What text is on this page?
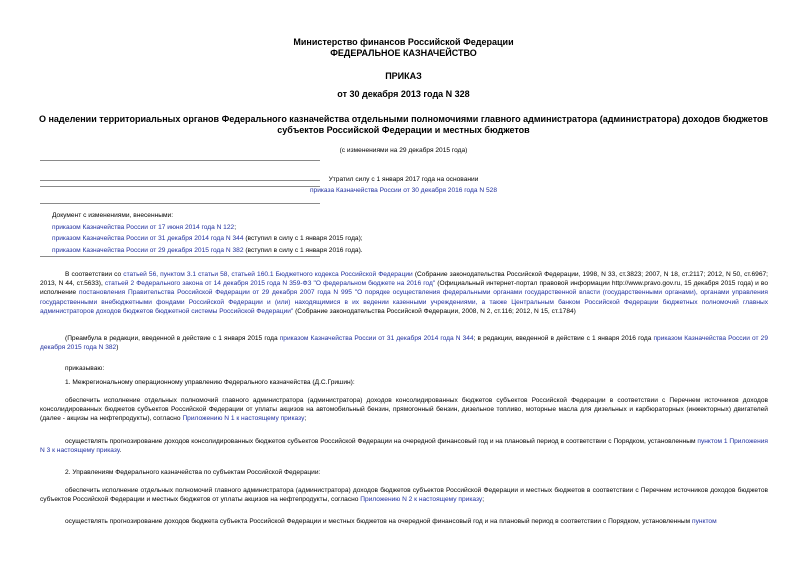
Министерство финансов Российской Федерации
ФЕДЕРАЛЬНОЕ КАЗНАЧЕЙСТВО
ПРИКАЗ
от 30 декабря 2013 года N 328
О наделении территориальных органов Федерального казначейства отдельными полномочиями главного администратора (администратора) доходов бюджетов
субъектов Российской Федерации и местных бюджетов
(с изменениями на 29 декабря 2015 года)
Утратил силу с 1 января 2017 года на основании
приказа Казначейства России от 30 декабря 2016 года N 528
Документ с изменениями, внесенными:
приказом Казначейства России от 17 июня 2014 года N 122;
приказом Казначейства России от 31 декабря 2014 года N 344 (вступил в силу с 1 января 2015 года);
приказом Казначейства России от 29 декабря 2015 года N 382 (вступил в силу с 1 января 2016 года).
В соответствии со статьей 56, пунктом 3.1 статьи 58, статьей 160.1 Бюджетного кодекса Российской Федерации (Собрание законодательства Российской Федерации, 1998, N 33, ст.3823; 2007, N 18, ст.2117; 2012, N 50, ст.6967; 2013, N 44, ст.5633), статьей 2 Федерального закона от 14 декабря 2015 года N 359-ФЗ "О федеральном бюджете на 2016 год" (Официальный интернет-портал правовой информации http://www.pravo.gov.ru, 15 декабря 2015 года) и во исполнение постановления Правительства Российской Федерации от 29 декабря 2007 года N 995 "О порядке осуществления федеральными органами государственной власти (государственными органами), органами управления государственными внебюджетными фондами Российской Федерации и (или) находящимися в их ведении казенными учреждениями, а также Центральным банком Российской Федерации бюджетных полномочий главных администраторов доходов бюджетов бюджетной системы Российской Федерации" (Собрание законодательства Российской Федерации, 2008, N 2, ст.116; 2012, N 15, ст.1784)
(Преамбула в редакции, введенной в действие с 1 января 2015 года приказом Казначейства России от 31 декабря 2014 года N 344; в редакции, введенной в действие с 1 января 2016 года приказом Казначейства России от 29 декабря 2015 года N 382)
приказываю:
1. Межрегиональному операционному управлению Федерального казначейства (Д.С.Гришин):
обеспечить исполнение отдельных полномочий главного администратора (администратора) доходов консолидированных бюджетов субъектов Российской Федерации в соответствии с Перечнем источников доходов консолидированных бюджетов субъектов Российской Федерации от уплаты акцизов на автомобильный бензин, прямогонный бензин, дизельное топливо, моторные масла для дизельных и карбюраторных (инжекторных) двигателей (далее - акцизы на нефтепродукты), согласно Приложению N 1 к настоящему приказу;
осуществлять прогнозирование доходов консолидированных бюджетов субъектов Российской Федерации на очередной финансовый год и на плановый период в соответствии с Порядком, установленным пунктом 1 Приложения N 3 к настоящему приказу.
2. Управлениям Федерального казначейства по субъектам Российской Федерации:
обеспечить исполнение отдельных полномочий главного администратора (администратора) доходов бюджетов субъектов Российской Федерации и местных бюджетов в соответствии с Перечнем источников доходов бюджетов субъектов Российской Федерации и местных бюджетов от уплаты акцизов на нефтепродукты, согласно Приложению N 2 к настоящему приказу;
осуществлять прогнозирование доходов бюджета субъекта Российской Федерации и местных бюджетов на очередной финансовый год и на плановый период в соответствии с Порядком, установленным пунктом
